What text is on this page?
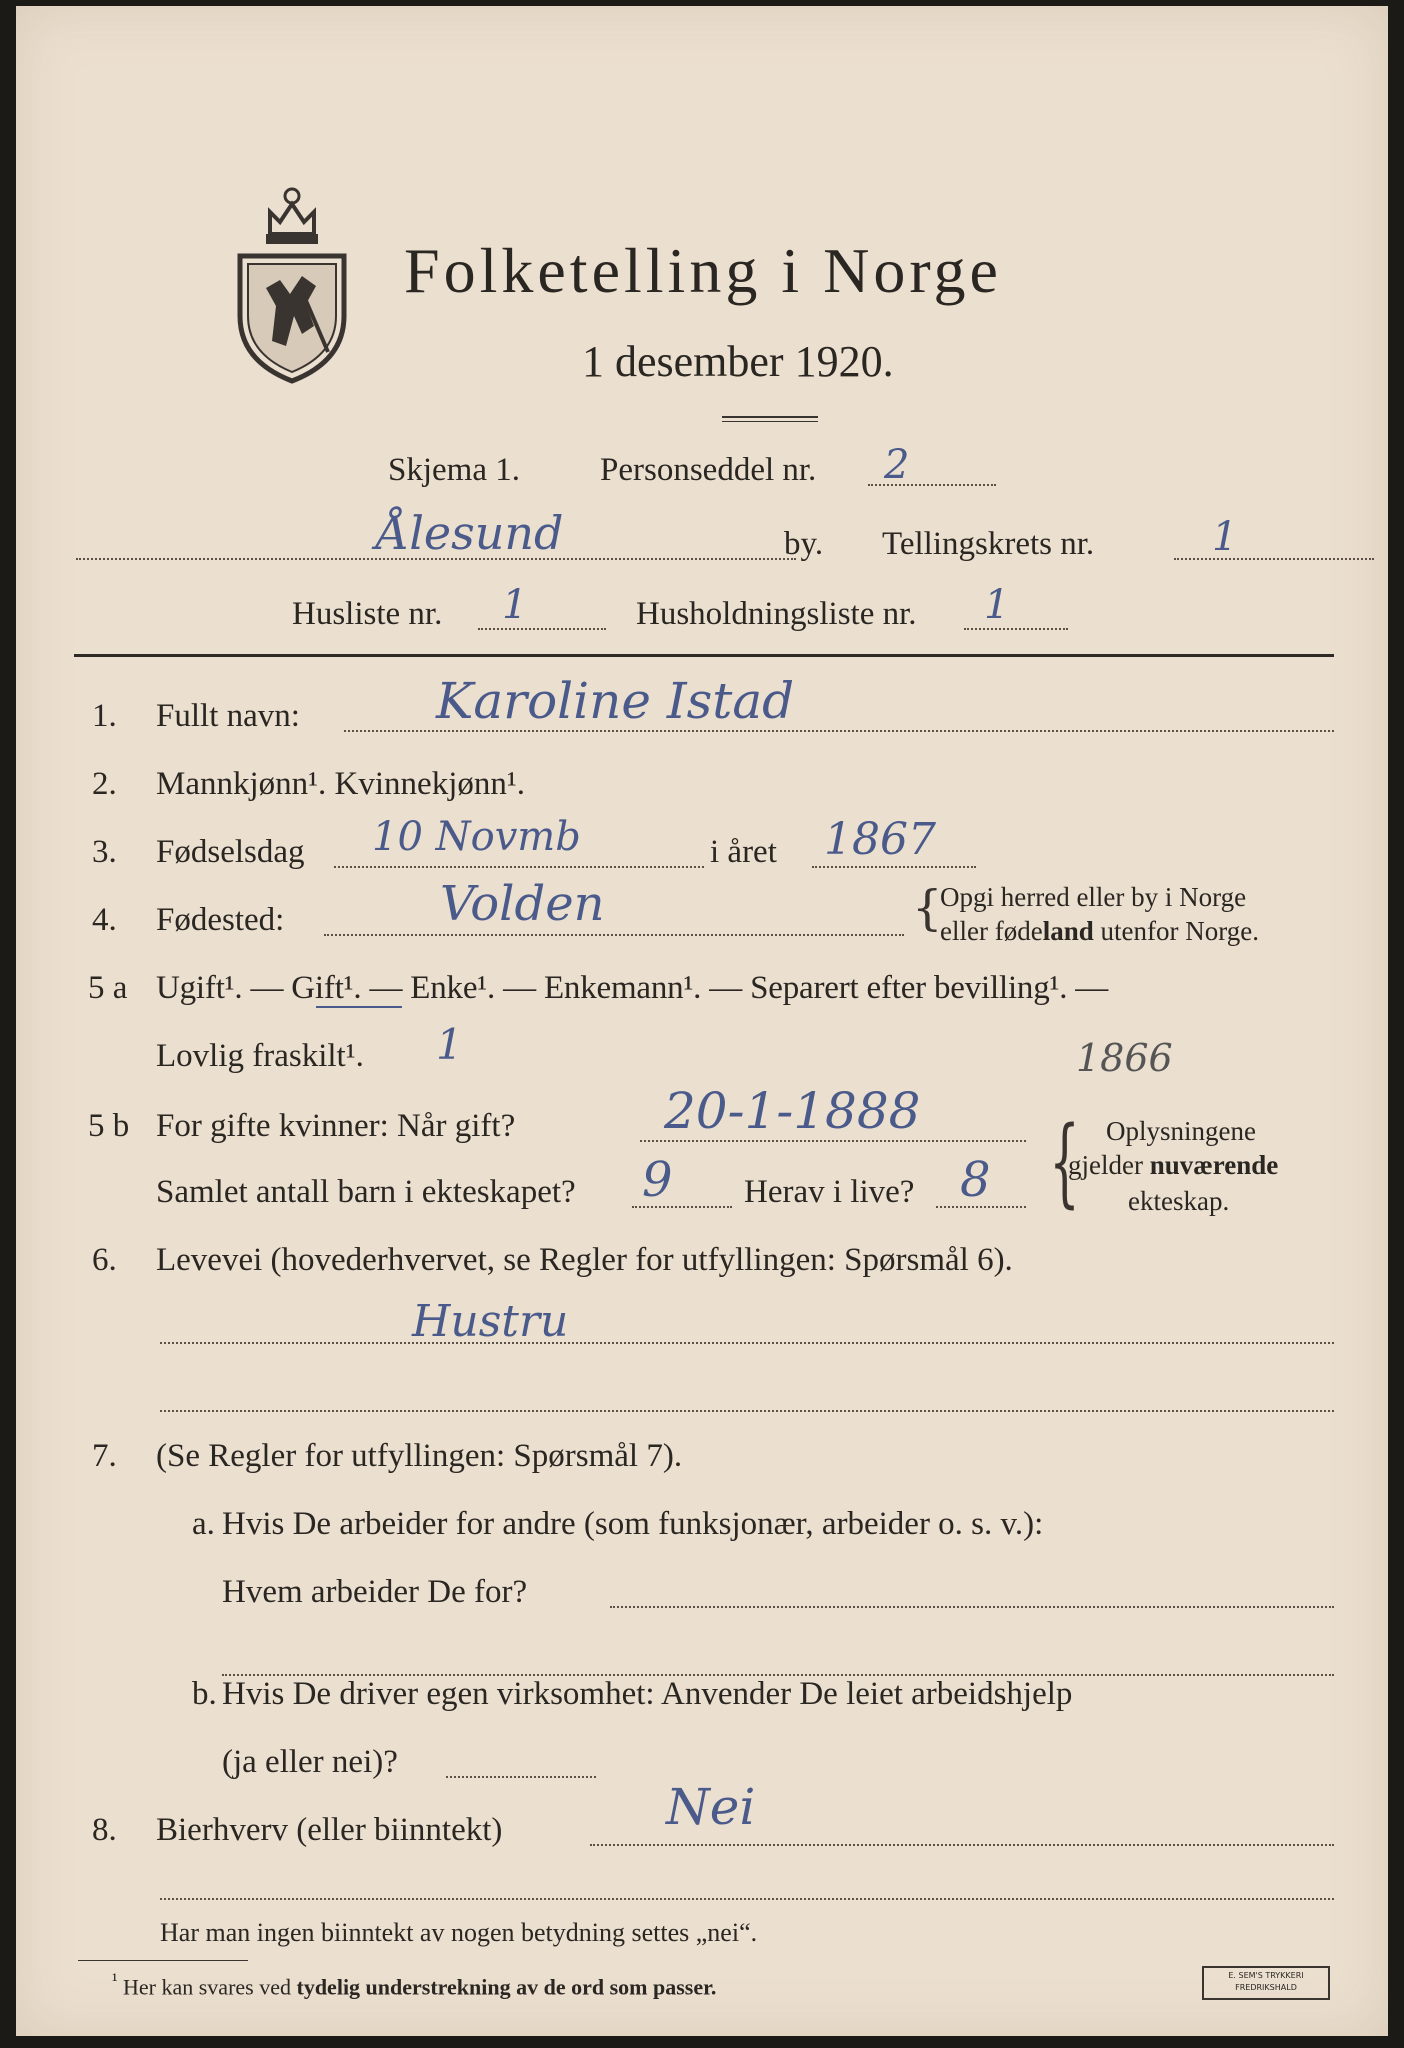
Folketelling i Norge
1 desember 1920.
Skjema 1. Personseddel nr. 2
Ålesund	by. Tellingskrets nr.	1
Husliste nr. 1	Husholdningsliste nr. 1
1. Fullt navn:	Karoline Istad
2. Mannkjønn¹. Kvinnekjønn¹.
3. Fødselsdag 10 Novmb	i året 1867
4. Fødested:	Volden	{
Opgi herred eller by i Norge
eller fødeland utenfor Norge.
5 a Ugift¹. — Gift¹. — Enke¹. — Enkemann¹. — Separert efter bevilling¹. —
Lovlig fraskilt¹. 1
5 b For gifte kvinner: Når gift?	20-1-1888
1866
Samlet antall barn i ekteskapet? 9 Herav i live? 8 { Oplysningene
gjelder nuværende
ekteskap.
6. Levevei (hovederhvervet, se Regler for utfyllingen: Spørsmål 6).
Hustru
7. (Se Regler for utfyllingen: Spørsmål 7).
a. Hvis De arbeider for andre (som funksjonær, arbeider o. s. v.):
Hvem arbeider De for?
b. Hvis De driver egen virksomhet: Anvender De leiet arbeidshjelp
(ja eller nei)?
8. Bierhverv (eller biinntekt)	Nei
Har man ingen biinntekt av nogen betydning settes „nei“.
$^{^1}$ Her kan svares ved tydelig understrekning av de ord som passer.	E. SEM'S TRYKKERI
FREDRIKSHALD
